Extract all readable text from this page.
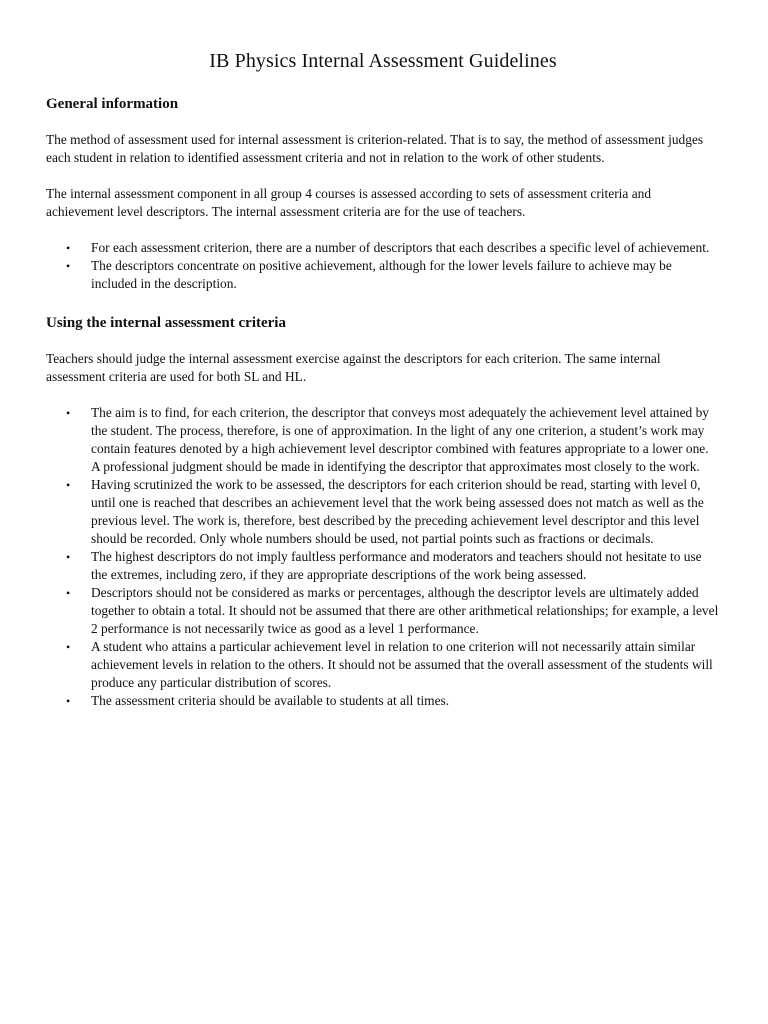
IB Physics Internal Assessment Guidelines
General information

The method of assessment used for internal assessment is criterion-related. That is to say, the method of assessment judges each student in relation to identified assessment criteria and not in relation to the work of other students.

The internal assessment component in all group 4 courses is assessed according to sets of assessment criteria and achievement level descriptors. The internal assessment criteria are for the use of teachers.

• For each assessment criterion, there are a number of descriptors that each describes a specific level of achievement.
• The descriptors concentrate on positive achievement, although for the lower levels failure to achieve may be included in the description.
Using the internal assessment criteria

Teachers should judge the internal assessment exercise against the descriptors for each criterion. The same internal assessment criteria are used for both SL and HL.

• The aim is to find, for each criterion, the descriptor that conveys most adequately the achievement level attained by the student. The process, therefore, is one of approximation. In the light of any one criterion, a student’s work may contain features denoted by a high achievement level descriptor combined with features appropriate to a lower one. A professional judgment should be made in identifying the descriptor that approximates most closely to the work.
• Having scrutinized the work to be assessed, the descriptors for each criterion should be read, starting with level 0, until one is reached that describes an achievement level that the work being assessed does not match as well as the previous level. The work is, therefore, best described by the preceding achievement level descriptor and this level should be recorded. Only whole numbers should be used, not partial points such as fractions or decimals.
• The highest descriptors do not imply faultless performance and moderators and teachers should not hesitate to use the extremes, including zero, if they are appropriate descriptions of the work being assessed.
• Descriptors should not be considered as marks or percentages, although the descriptor levels are ultimately added together to obtain a total. It should not be assumed that there are other arithmetical relationships; for example, a level 2 performance is not necessarily twice as good as a level 1 performance.
• A student who attains a particular achievement level in relation to one criterion will not necessarily attain similar achievement levels in relation to the others. It should not be assumed that the overall assessment of the students will produce any particular distribution of scores.
• The assessment criteria should be available to students at all times.
